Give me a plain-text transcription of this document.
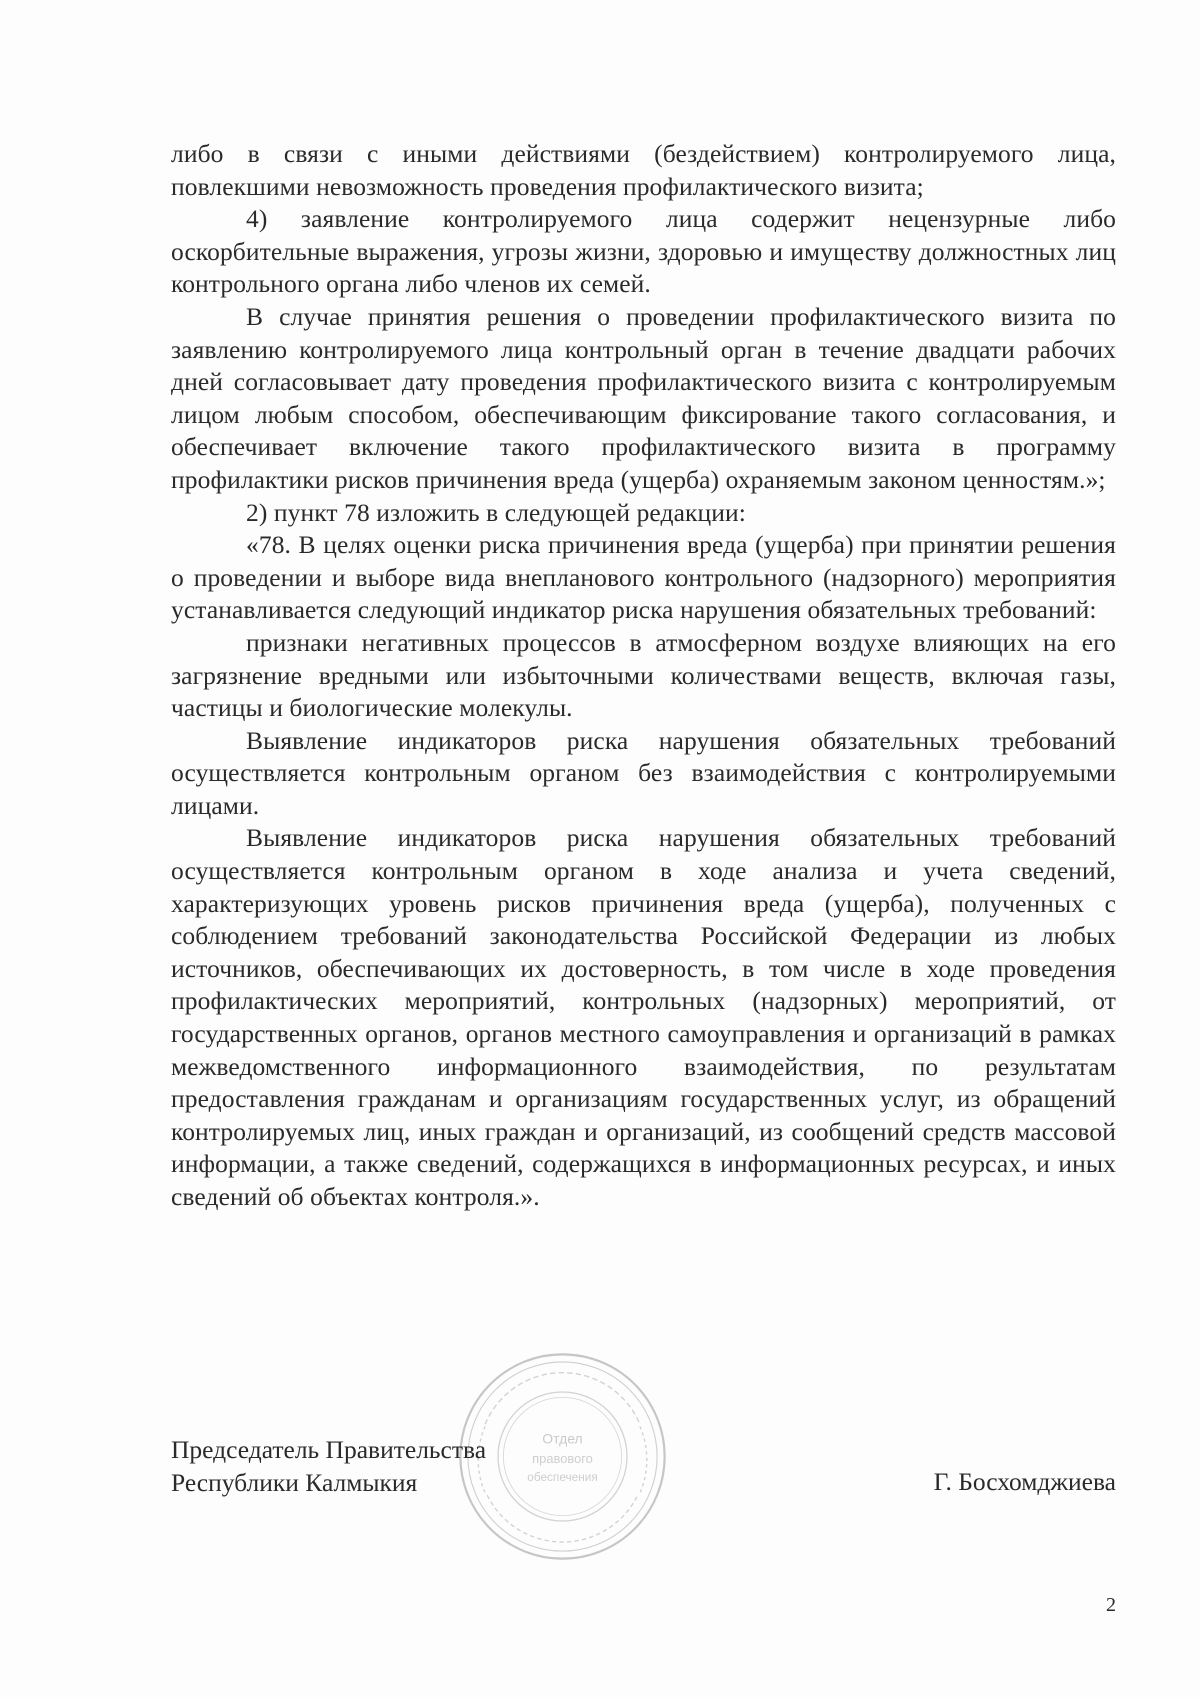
либо в связи с иными действиями (бездействием) контролируемого лица, повлекшими невозможность проведения профилактического визита;

4) заявление контролируемого лица содержит нецензурные либо оскорбительные выражения, угрозы жизни, здоровью и имуществу должностных лиц контрольного органа либо членов их семей.

В случае принятия решения о проведении профилактического визита по заявлению контролируемого лица контрольный орган в течение двадцати рабочих дней согласовывает дату проведения профилактического визита с контролируемым лицом любым способом, обеспечивающим фиксирование такого согласования, и обеспечивает включение такого профилактического визита в программу профилактики рисков причинения вреда (ущерба) охраняемым законом ценностям.»;

2) пункт 78 изложить в следующей редакции:

«78. В целях оценки риска причинения вреда (ущерба) при принятии решения о проведении и выборе вида внепланового контрольного (надзорного) мероприятия устанавливается следующий индикатор риска нарушения обязательных требований:

признаки негативных процессов в атмосферном воздухе влияющих на его загрязнение вредными или избыточными количествами веществ, включая газы, частицы и биологические молекулы.

Выявление индикаторов риска нарушения обязательных требований осуществляется контрольным органом без взаимодействия с контролируемыми лицами.

Выявление индикаторов риска нарушения обязательных требований осуществляется контрольным органом в ходе анализа и учета сведений, характеризующих уровень рисков причинения вреда (ущерба), полученных с соблюдением требований законодательства Российской Федерации из любых источников, обеспечивающих их достоверность, в том числе в ходе проведения профилактических мероприятий, контрольных (надзорных) мероприятий, от государственных органов, органов местного самоуправления и организаций в рамках межведомственного информационного взаимодействия, по результатам предоставления гражданам и организациям государственных услуг, из обращений контролируемых лиц, иных граждан и организаций, из сообщений средств массовой информации, а также сведений, содержащихся в информационных ресурсах, и иных сведений об объектах контроля.».

Отдел
правового
обеспечения
Председатель Правительства
Республики Калмыкия	Г. Босхомджиева
2
